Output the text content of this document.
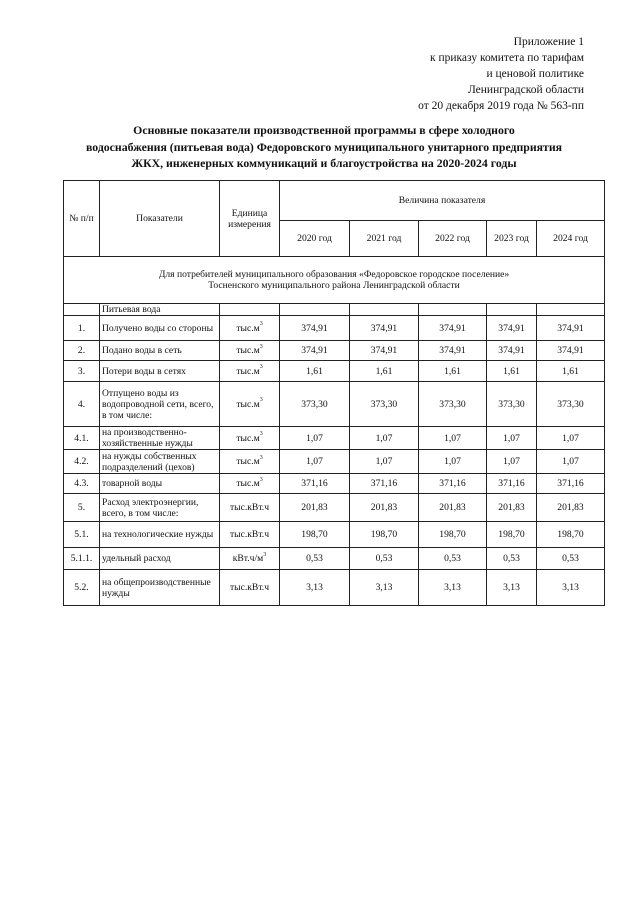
Приложение 1
к приказу комитета по тарифам
и ценовой политике
Ленинградской области
от 20 декабря 2019 года № 563-пп
Основные показатели производственной программы в сфере холодного
водоснабжения (питьевая вода) Федоровского муниципального унитарного предприятия
ЖКХ, инженерных коммуникаций и благоустройства на 2020-2024 годы
№ п/п	Показатели	Единица измерения	Величина показателя				
			2020 год	2021 год	2022 год	2023 год	2024 год

Для потребителей муниципального образования «Федоровское городское поселение»
Тосненского муниципального района Ленинградской области							

	Питьевая вода						
1.	Получено воды со стороны	$тыс.м^3$	374,91	374,91	374,91	374,91	374,91
2.	Подано воды в сеть	$тыс.м^3$	374,91	374,91	374,91	374,91	374,91
3.	Потери воды в сетях	$тыс.м^3$	1,61	1,61	1,61	1,61	1,61
4.	Отпущено воды из водопроводной сети, всего, в том числе:	$тыс.м^3$	373,30	373,30	373,30	373,30	373,30
4.1.	на производственно-хозяйственные нужды	$тыс.м^3$	1,07	1,07	1,07	1,07	1,07
4.2.	на нужды собственных подразделений (цехов)	$тыс.м^3$	1,07	1,07	1,07	1,07	1,07
4.3.	товарной воды	$тыс.м^3$	371,16	371,16	371,16	371,16	371,16
5.	Расход электроэнергии, всего, в том числе:	тыс.кВт.ч	201,83	201,83	201,83	201,83	201,83
5.1.	на технологические нужды	тыс.кВт.ч	198,70	198,70	198,70	198,70	198,70
5.1.1.	удельный расход	$кВт.ч/м^3$	0,53	0,53	0,53	0,53	0,53
5.2.	на общепроизводственные нужды	тыс.кВт.ч	3,13	3,13	3,13	3,13	3,13
